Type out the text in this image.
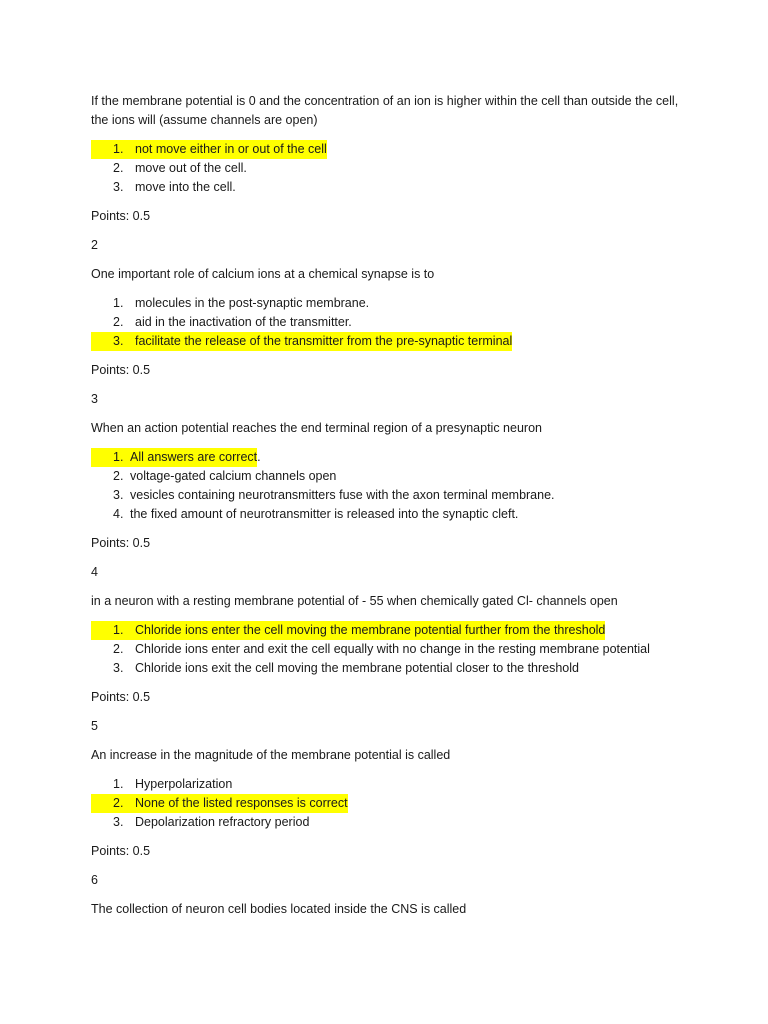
If the membrane potential is 0 and the concentration of an ion is higher within the cell than outside the cell, the ions will (assume channels are open)

1. not move either in or out of the cell
2. move out of the cell.
3. move into the cell.

Points: 0.5

2

One important role of calcium ions at a chemical synapse is to

1. molecules in the post-synaptic membrane.
2. aid in the inactivation of the transmitter.
3. facilitate the release of the transmitter from the pre-synaptic terminal

Points: 0.5

3

When an action potential reaches the end terminal region of a presynaptic neuron

1. All answers are correct .
2. voltage-gated calcium channels open
3. vesicles containing neurotransmitters fuse with the axon terminal membrane.
4. the fixed amount of neurotransmitter is released into the synaptic cleft.

Points: 0.5

4

in a neuron with a resting membrane potential of - 55 when chemically gated Cl- channels open

1. Chloride ions enter the cell moving the membrane potential further from the threshold
2. Chloride ions enter and exit the cell equally with no change in the resting membrane potential
3. Chloride ions exit the cell moving the membrane potential closer to the threshold

Points: 0.5

5

An increase in the magnitude of the membrane potential is called

1. Hyperpolarization
2. None of the listed responses is correct
3. Depolarization refractory period

Points: 0.5

6

The collection of neuron cell bodies located inside the CNS is called
